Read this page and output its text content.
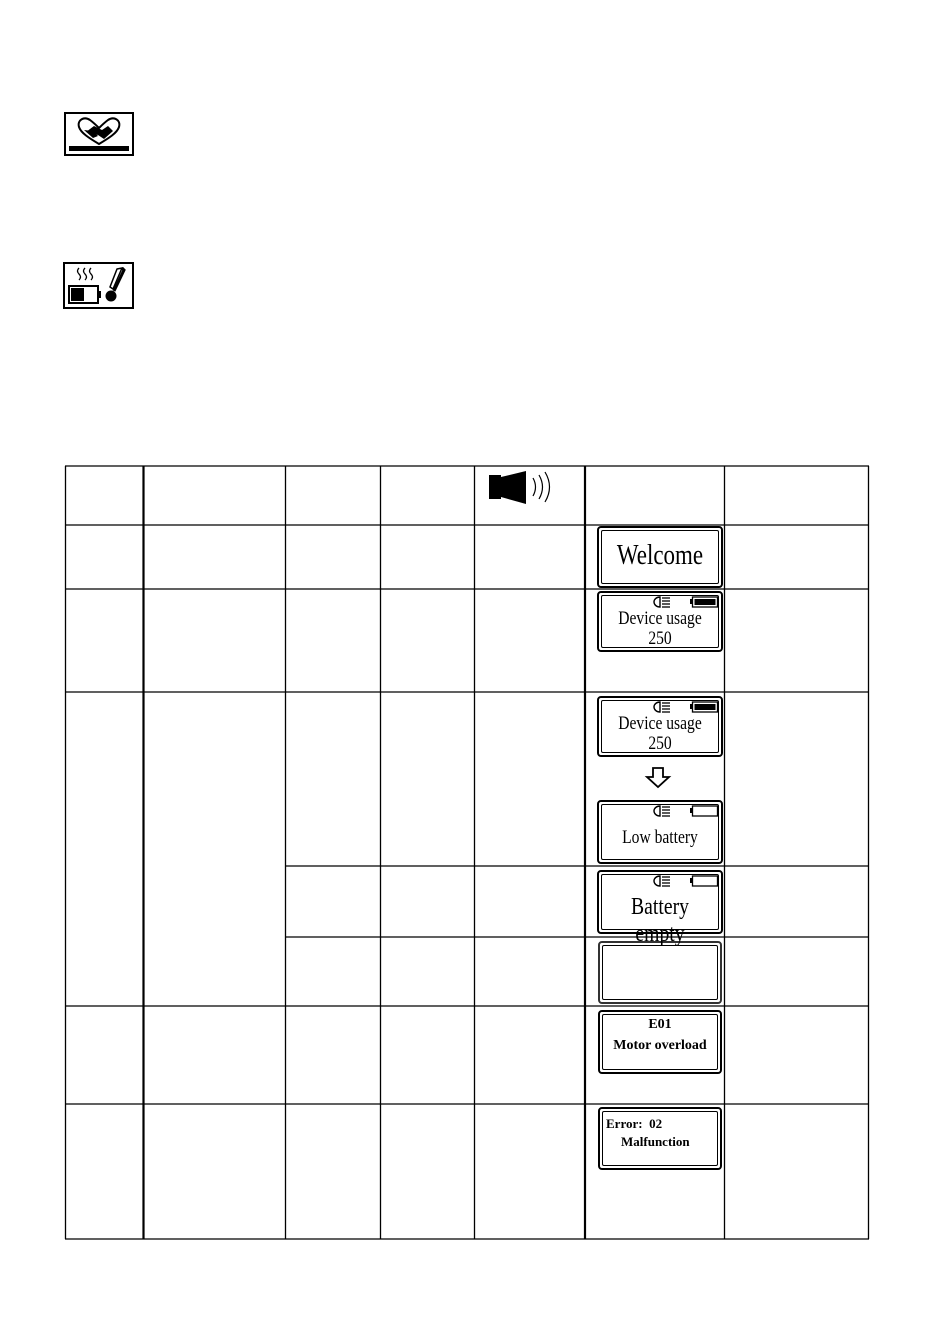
Welcome
Device usage
250
Device usage
250
Low battery
Battery empty
E01
Motor overload
Error:  02
Malfunction
